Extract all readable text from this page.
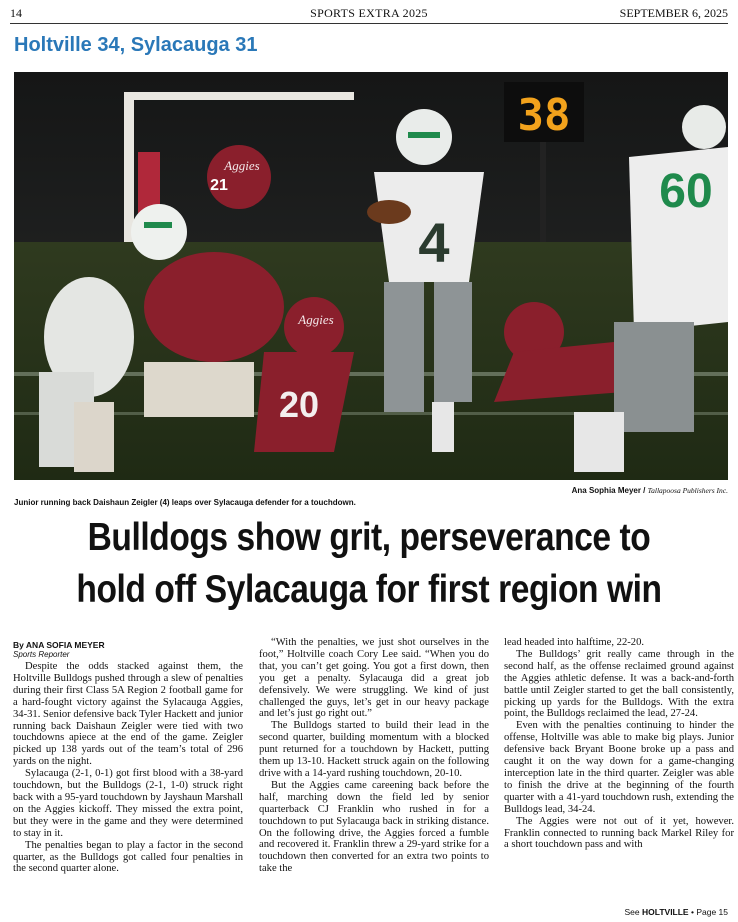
14	SPORTS EXTRA 2025	SEPTEMBER 6, 2025
Holtville 34, Sylacauga 31
38
Aggies
21
4
Aggies
20
60
Ana Sophia Meyer / Tallapoosa Publishers Inc.
Junior running back Daishaun Zeigler (4) leaps over Sylacauga defender for a touchdown.
Bulldogs show grit, perseverance to
hold off Sylacauga for first region win
By ANA SOFIA MEYER
Sports Reporter

Despite the odds stacked against them, the Holtville Bulldogs pushed through a slew of penalties during their first Class 5A Region 2 football game for a hard-fought victory against the Sylacauga Aggies, 34-31. Senior defensive back Tyler Hackett and junior running back Daishaun Zeigler were tied with two touchdowns apiece at the end of the game. Zeigler picked up 138 yards out of the team’s total of 296 yards on the night.

Sylacauga (2-1, 0-1) got first blood with a 38-yard touchdown, but the Bulldogs (2-1, 1-0) struck right back with a 95-yard touchdown by Jayshaun Marshall on the Aggies kickoff. They missed the extra point, but they were in the game and they were determined to stay in it.

The penalties began to play a factor in the second quarter, as the Bulldogs got called four penalties in the second quarter alone.

“With the penalties, we just shot ourselves in the foot,” Holtville coach Cory Lee said. “When you do that, you can’t get going. You got a first down, then you get a penalty. Sylacauga did a great job defensively. We were struggling. We kind of just challenged the guys, let’s get in our heavy package and let’s just go right out.”

The Bulldogs started to build their lead in the second quarter, building momentum with a blocked punt returned for a touchdown by Hackett, putting them up 13-10. Hackett struck again on the following drive with a 14-yard rushing touchdown, 20-10.

But the Aggies came careening back before the half, marching down the field led by senior quarterback CJ Franklin who rushed in for a touchdown to put Sylacauga back in striking distance. On the following drive, the Aggies forced a fumble and recovered it. Franklin threw a 29-yard strike for a touchdown then converted for an extra two points to take the

lead headed into halftime, 22-20.

The Bulldogs’ grit really came through in the second half, as the offense reclaimed ground against the Aggies athletic defense. It was a back-and-forth battle until Zeigler started to get the ball consistently, picking up yards for the Bulldogs. With the extra point, the Bulldogs reclaimed the lead, 27-24.

Even with the penalties continuing to hinder the offense, Holtville was able to make big plays. Junior defensive back Bryant Boone broke up a pass and caught it on the way down for a game-changing interception late in the third quarter. Zeigler was able to finish the drive at the beginning of the fourth quarter with a 41-yard touchdown rush, extending the Bulldogs lead, 34-24.

The Aggies were not out of it yet, however. Franklin connected to running back Markel Riley for a short touchdown pass and with

See HOLTVILLE • Page 15
